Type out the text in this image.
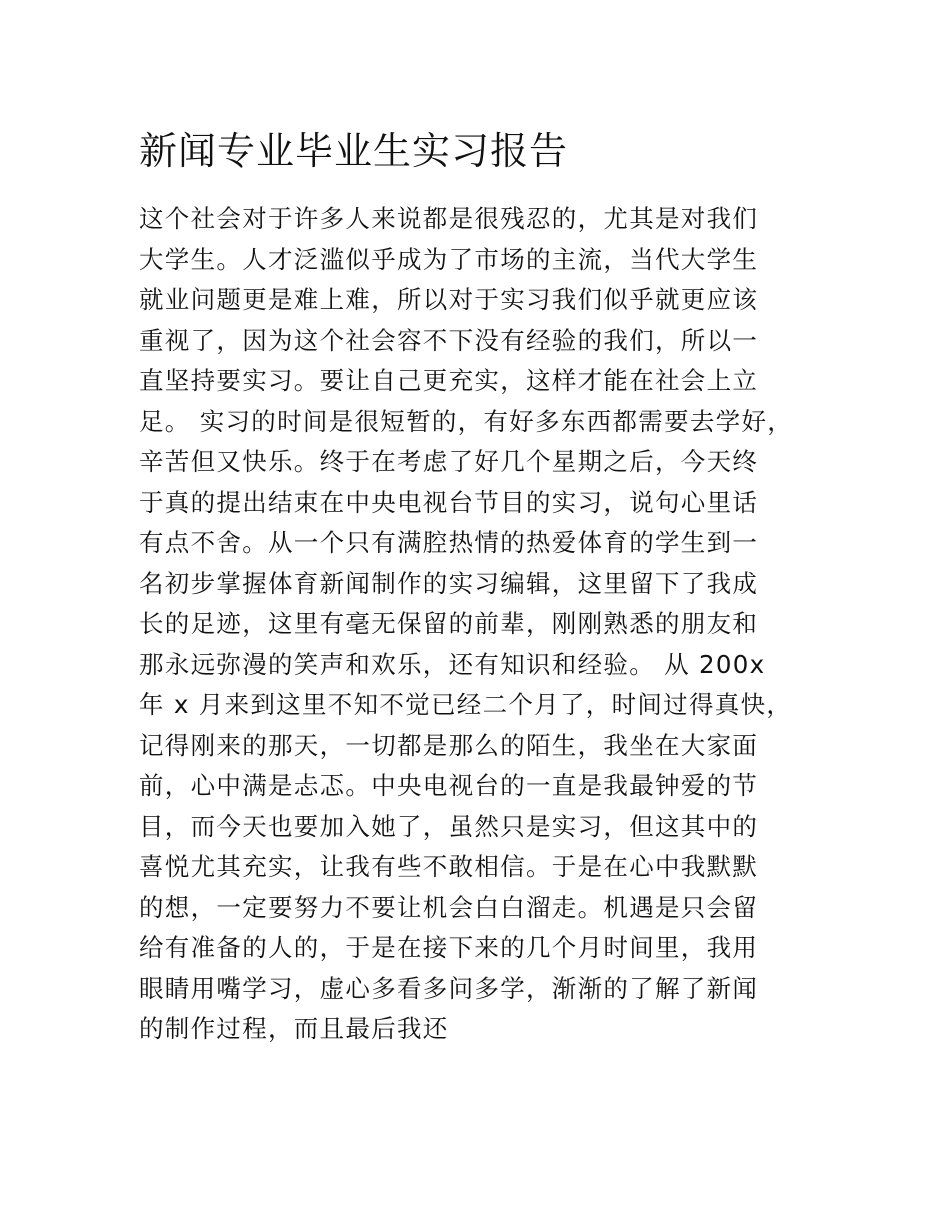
新闻专业毕业生实习报告
这个社会对于许多人来说都是很残忍的，尤其是对我们
大学生。人才泛滥似乎成为了市场的主流，当代大学生
就业问题更是难上难，所以对于实习我们似乎就更应该
重视了，因为这个社会容不下没有经验的我们，所以一
直坚持要实习。要让自己更充实，这样才能在社会上立
足。 实习的时间是很短暂的，有好多东西都需要去学好，
辛苦但又快乐。终于在考虑了好几个星期之后，今天终
于真的提出结束在中央电视台节目的实习，说句心里话
有点不舍。从一个只有满腔热情的热爱体育的学生到一
名初步掌握体育新闻制作的实习编辑，这里留下了我成
长的足迹，这里有毫无保留的前辈，刚刚熟悉的朋友和
那永远弥漫的笑声和欢乐，还有知识和经验。 从 200x
年 x 月来到这里不知不觉已经二个月了，时间过得真快，
记得刚来的那天，一切都是那么的陌生，我坐在大家面
前，心中满是忐忑。中央电视台的一直是我最钟爱的节
目，而今天也要加入她了，虽然只是实习，但这其中的
喜悦尤其充实，让我有些不敢相信。于是在心中我默默
的想，一定要努力不要让机会白白溜走。机遇是只会留
给有准备的人的，于是在接下来的几个月时间里，我用
眼睛用嘴学习，虚心多看多问多学，渐渐的了解了新闻
的制作过程，而且最后我还
